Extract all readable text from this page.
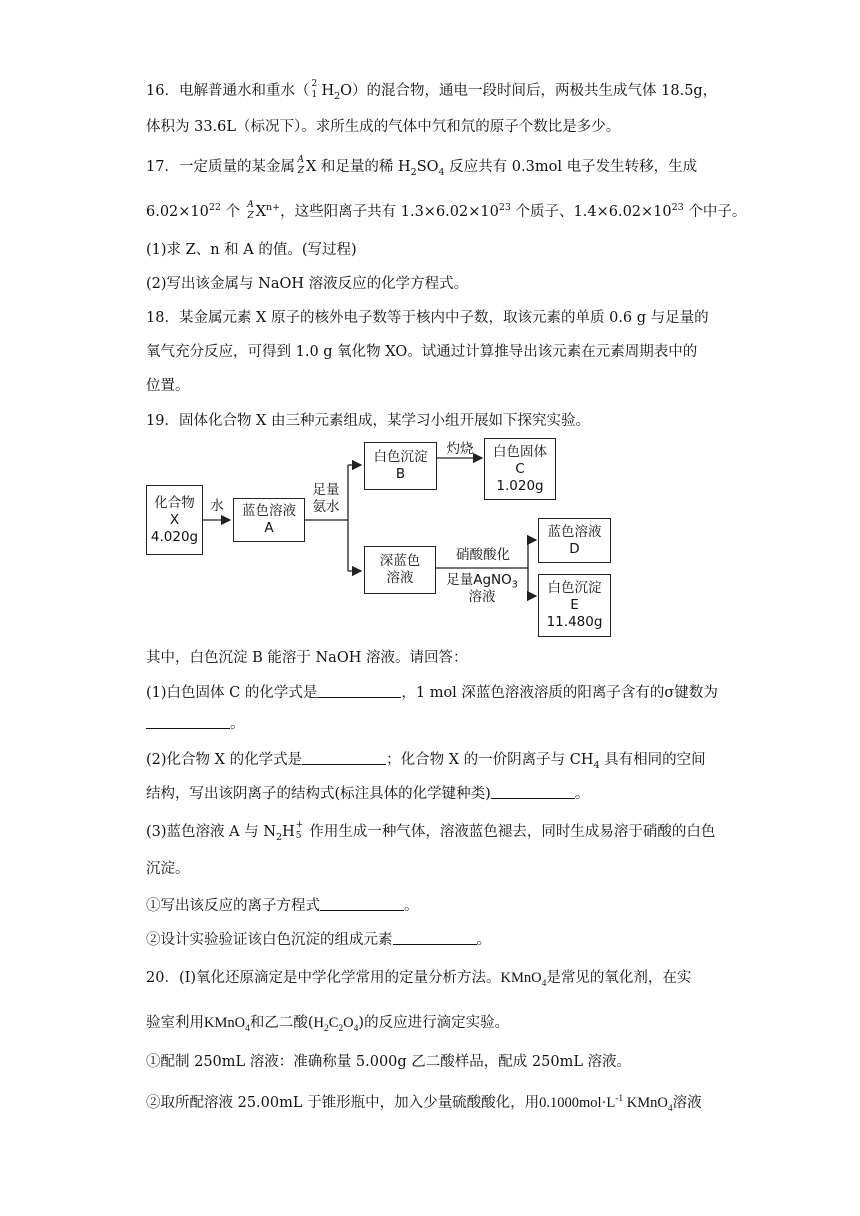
16．电解普通水和重水（ 2
1 $H_2O$）的混合物，通电一段时间后，两极共生成气体 18.5g，
体积为 33.6L（标况下）。求所生成的气体中氕和氘的原子个数比是多少。
17．一定质量的某金属 A
Z X 和足量的稀 $H_2SO_4$ 反应共有 0.3mol 电子发生转移，生成
$6.02\times 10^{22}$ 个 A
Z $X^{n+}$，这些阳离子共有 $1.3\times 6.02\times 10^{23}$ 个质子、$1.4\times 6.02\times 10^{23}$ 个中子。
(1)求 Z、n 和 A 的值。(写过程)
(2)写出该金属与 NaOH 溶液反应的化学方程式。
18．某金属元素 X 原子的核外电子数等于核内中子数，取该元素的单质 0.6 g 与足量的
氧气充分反应，可得到 1.0 g 氧化物 XO。试通过计算推导出该元素在元素周期表中的
位置。
19．固体化合物 X 由三种元素组成，某学习小组开展如下探究实验。
化合物
X
4.020g
水	蓝色溶液
A
足量
氨水
白色沉淀
B
灼烧	白色固体
C
1.020g
深蓝色
溶液
硝酸酸化
足量AgNO$_3$
溶液
蓝色溶液
D
白色沉淀
E
11.480g
其中，白色沉淀 B 能溶于 NaOH 溶液。请回答：
(1)白色固体 C 的化学式是	，1 mol 深蓝色溶液溶质的阳离子含有的σ键数为
。
(2)化合物 X 的化学式是	；化合物 X 的一价阴离子与 $CH_4$ 具有相同的空间
结构，写出该阴离子的结构式(标注具体的化学键种类)	。
(3)蓝色溶液 A 与 $N_2H$ +
5 作用生成一种气体，溶液蓝色褪去，同时生成易溶于硝酸的白色
沉淀。
①写出该反应的离子方程式	。
②设计实验验证该白色沉淀的组成元素	。
20．(I)氧化还原滴定是中学化学常用的定量分析方法。KMnO$_4$是常见的氧化剂，在实
验室利用KMnO$_4$和乙二酸$(H_2C_2O_4)$的反应进行滴定实验。
①配制 250mL 溶液：准确称量 5.000g 乙二酸样品，配成 250mL 溶液。
②取所配溶液 25.00mL 于锥形瓶中，加入少量硫酸酸化，用$0.1000mol\cdot L^{-1}$ KMnO$_4$溶液
